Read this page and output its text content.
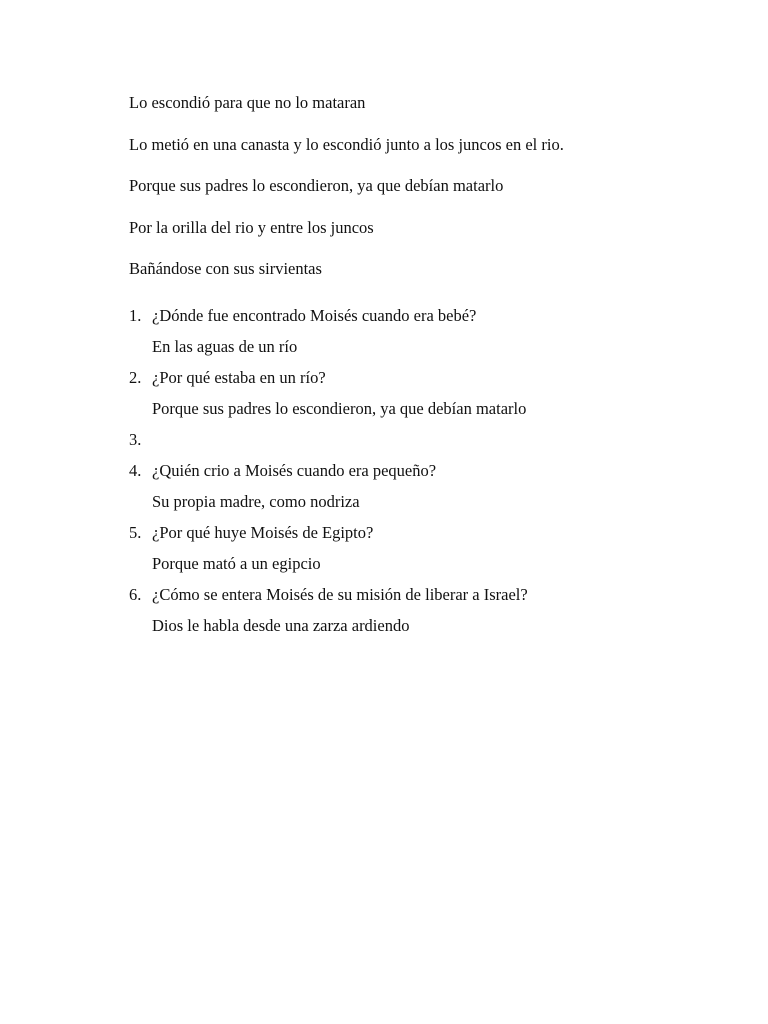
Lo escondió para que no lo mataran

Lo metió en una canasta y lo escondió junto a los juncos en el rio.

Porque sus padres lo escondieron, ya que debían matarlo

Por la orilla del rio y entre los juncos

Bañándose con sus sirvientas

1. ¿Dónde fue encontrado Moisés cuando era bebé?
En las aguas de un río
2. ¿Por qué estaba en un río?
Porque sus padres lo escondieron, ya que debían matarlo
3.
4. ¿Quién crio a Moisés cuando era pequeño?
Su propia madre, como nodriza
5. ¿Por qué huye Moisés de Egipto?
Porque mató a un egipcio
6. ¿Cómo se entera Moisés de su misión de liberar a Israel?
Dios le habla desde una zarza ardiendo
